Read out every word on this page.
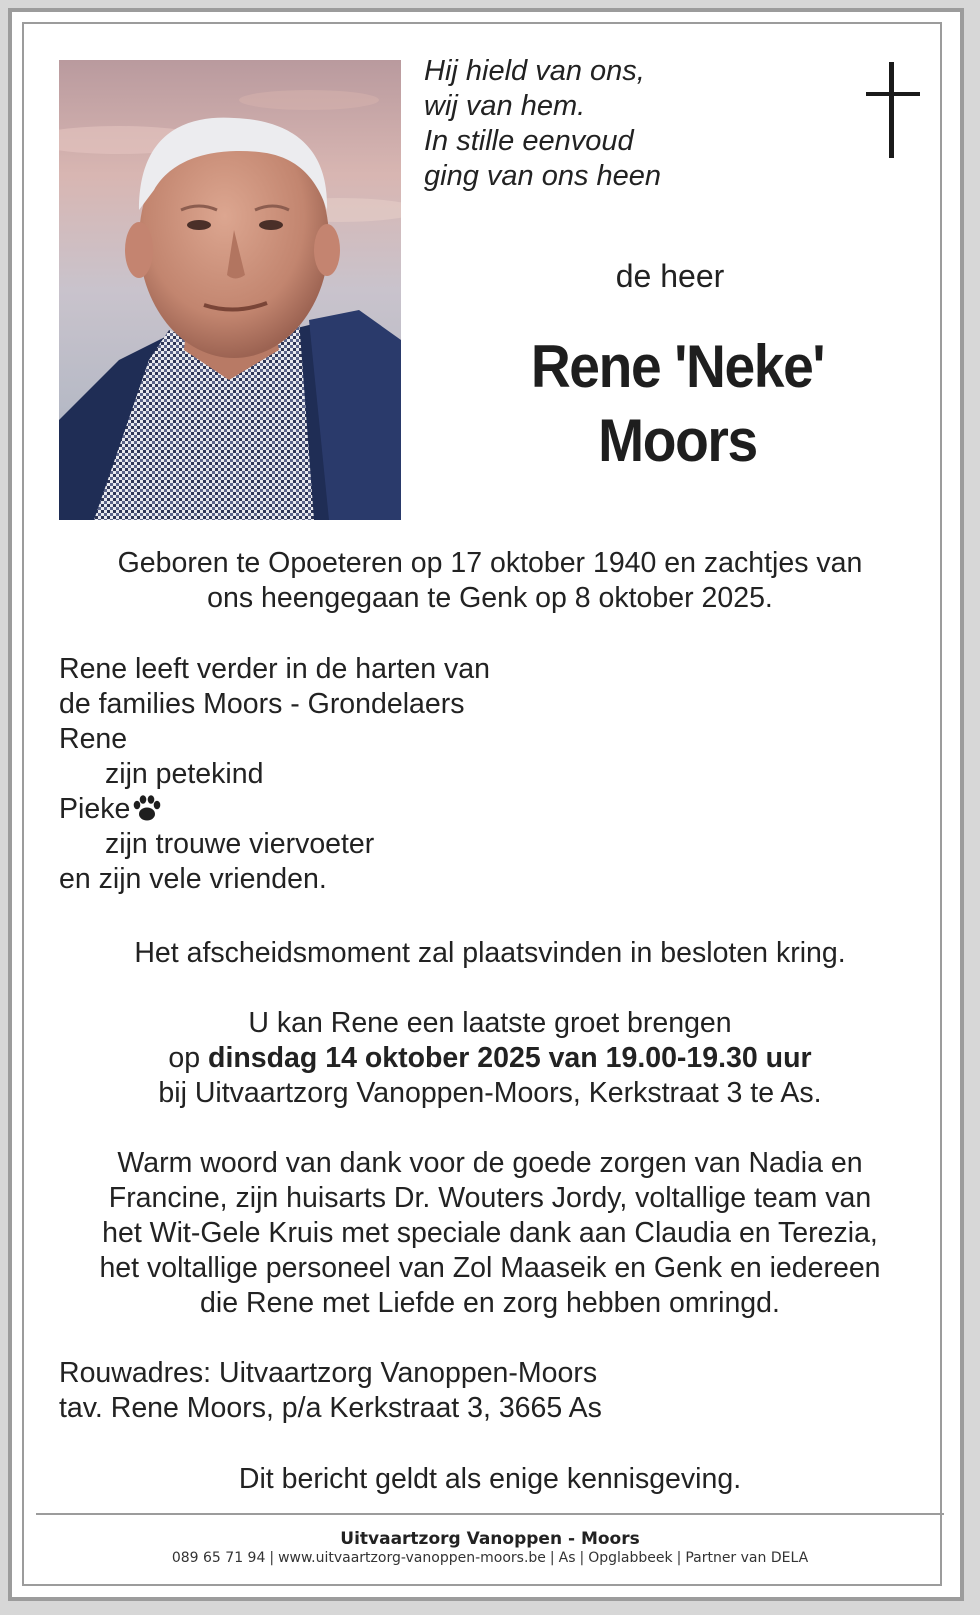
Hij hield van ons,
wij van hem.
In stille eenvoud
ging van ons heen
de heer
Rene 'Neke'
Moors
Geboren te Opoeteren op 17 oktober 1940 en zachtjes van
ons heengegaan te Genk op 8 oktober 2025.
Rene leeft verder in de harten van
de families Moors - Grondelaers
Rene
zijn petekind
Pieke
zijn trouwe viervoeter
en zijn vele vrienden.
Het afscheidsmoment zal plaatsvinden in besloten kring.
U kan Rene een laatste groet brengen
op dinsdag 14 oktober 2025 van 19.00-19.30 uur
bij Uitvaartzorg Vanoppen-Moors, Kerkstraat 3 te As.
Warm woord van dank voor de goede zorgen van Nadia en
Francine, zijn huisarts Dr. Wouters Jordy, voltallige team van
het Wit-Gele Kruis met speciale dank aan Claudia en Terezia,
het voltallige personeel van Zol Maaseik en Genk en iedereen
die Rene met Liefde en zorg hebben omringd.
Rouwadres: Uitvaartzorg Vanoppen-Moors
tav. Rene Moors, p/a Kerkstraat 3, 3665 As
Dit bericht geldt als enige kennisgeving.
Uitvaartzorg Vanoppen - Moors
089 65 71 94 | www.uitvaartzorg-vanoppen-moors.be | As | Opglabbeek | Partner van DELA
